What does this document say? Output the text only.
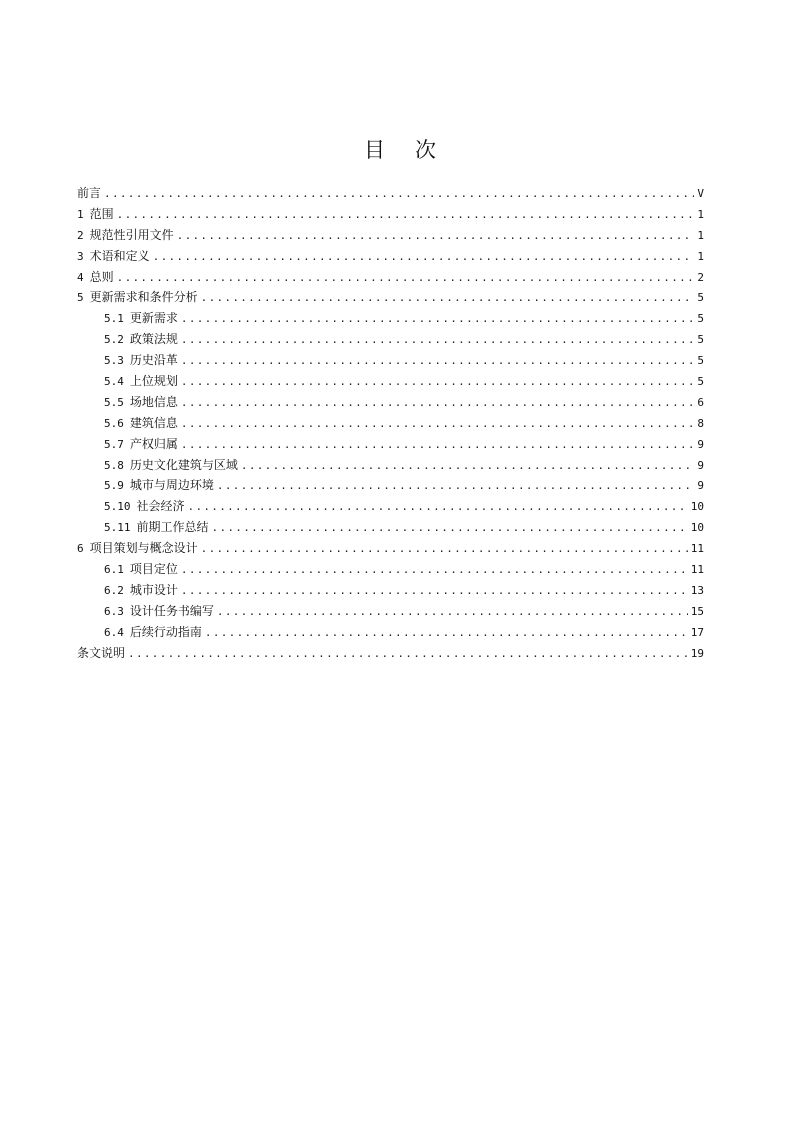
目 次
前言 .....	V
1 范围 .....	1
2 规范性引用文件 .....	1
3 术语和定义 .....	1
4 总则 .....	2
5 更新需求和条件分析 .....	5
5.1 更新需求 .....	5
5.2 政策法规 .....	5
5.3 历史沿革 .....	5
5.4 上位规划 .....	5
5.5 场地信息 .....	6
5.6 建筑信息 .....	8
5.7 产权归属 .....	9
5.8 历史文化建筑与区域 .....	9
5.9 城市与周边环境 .....	9
5.10 社会经济 .....	10
5.11 前期工作总结 .....	10
6 项目策划与概念设计 .....	11
6.1 项目定位 .....	11
6.2 城市设计 .....	13
6.3 设计任务书编写 .....	15
6.4 后续行动指南 .....	17
条文说明 .....	19
